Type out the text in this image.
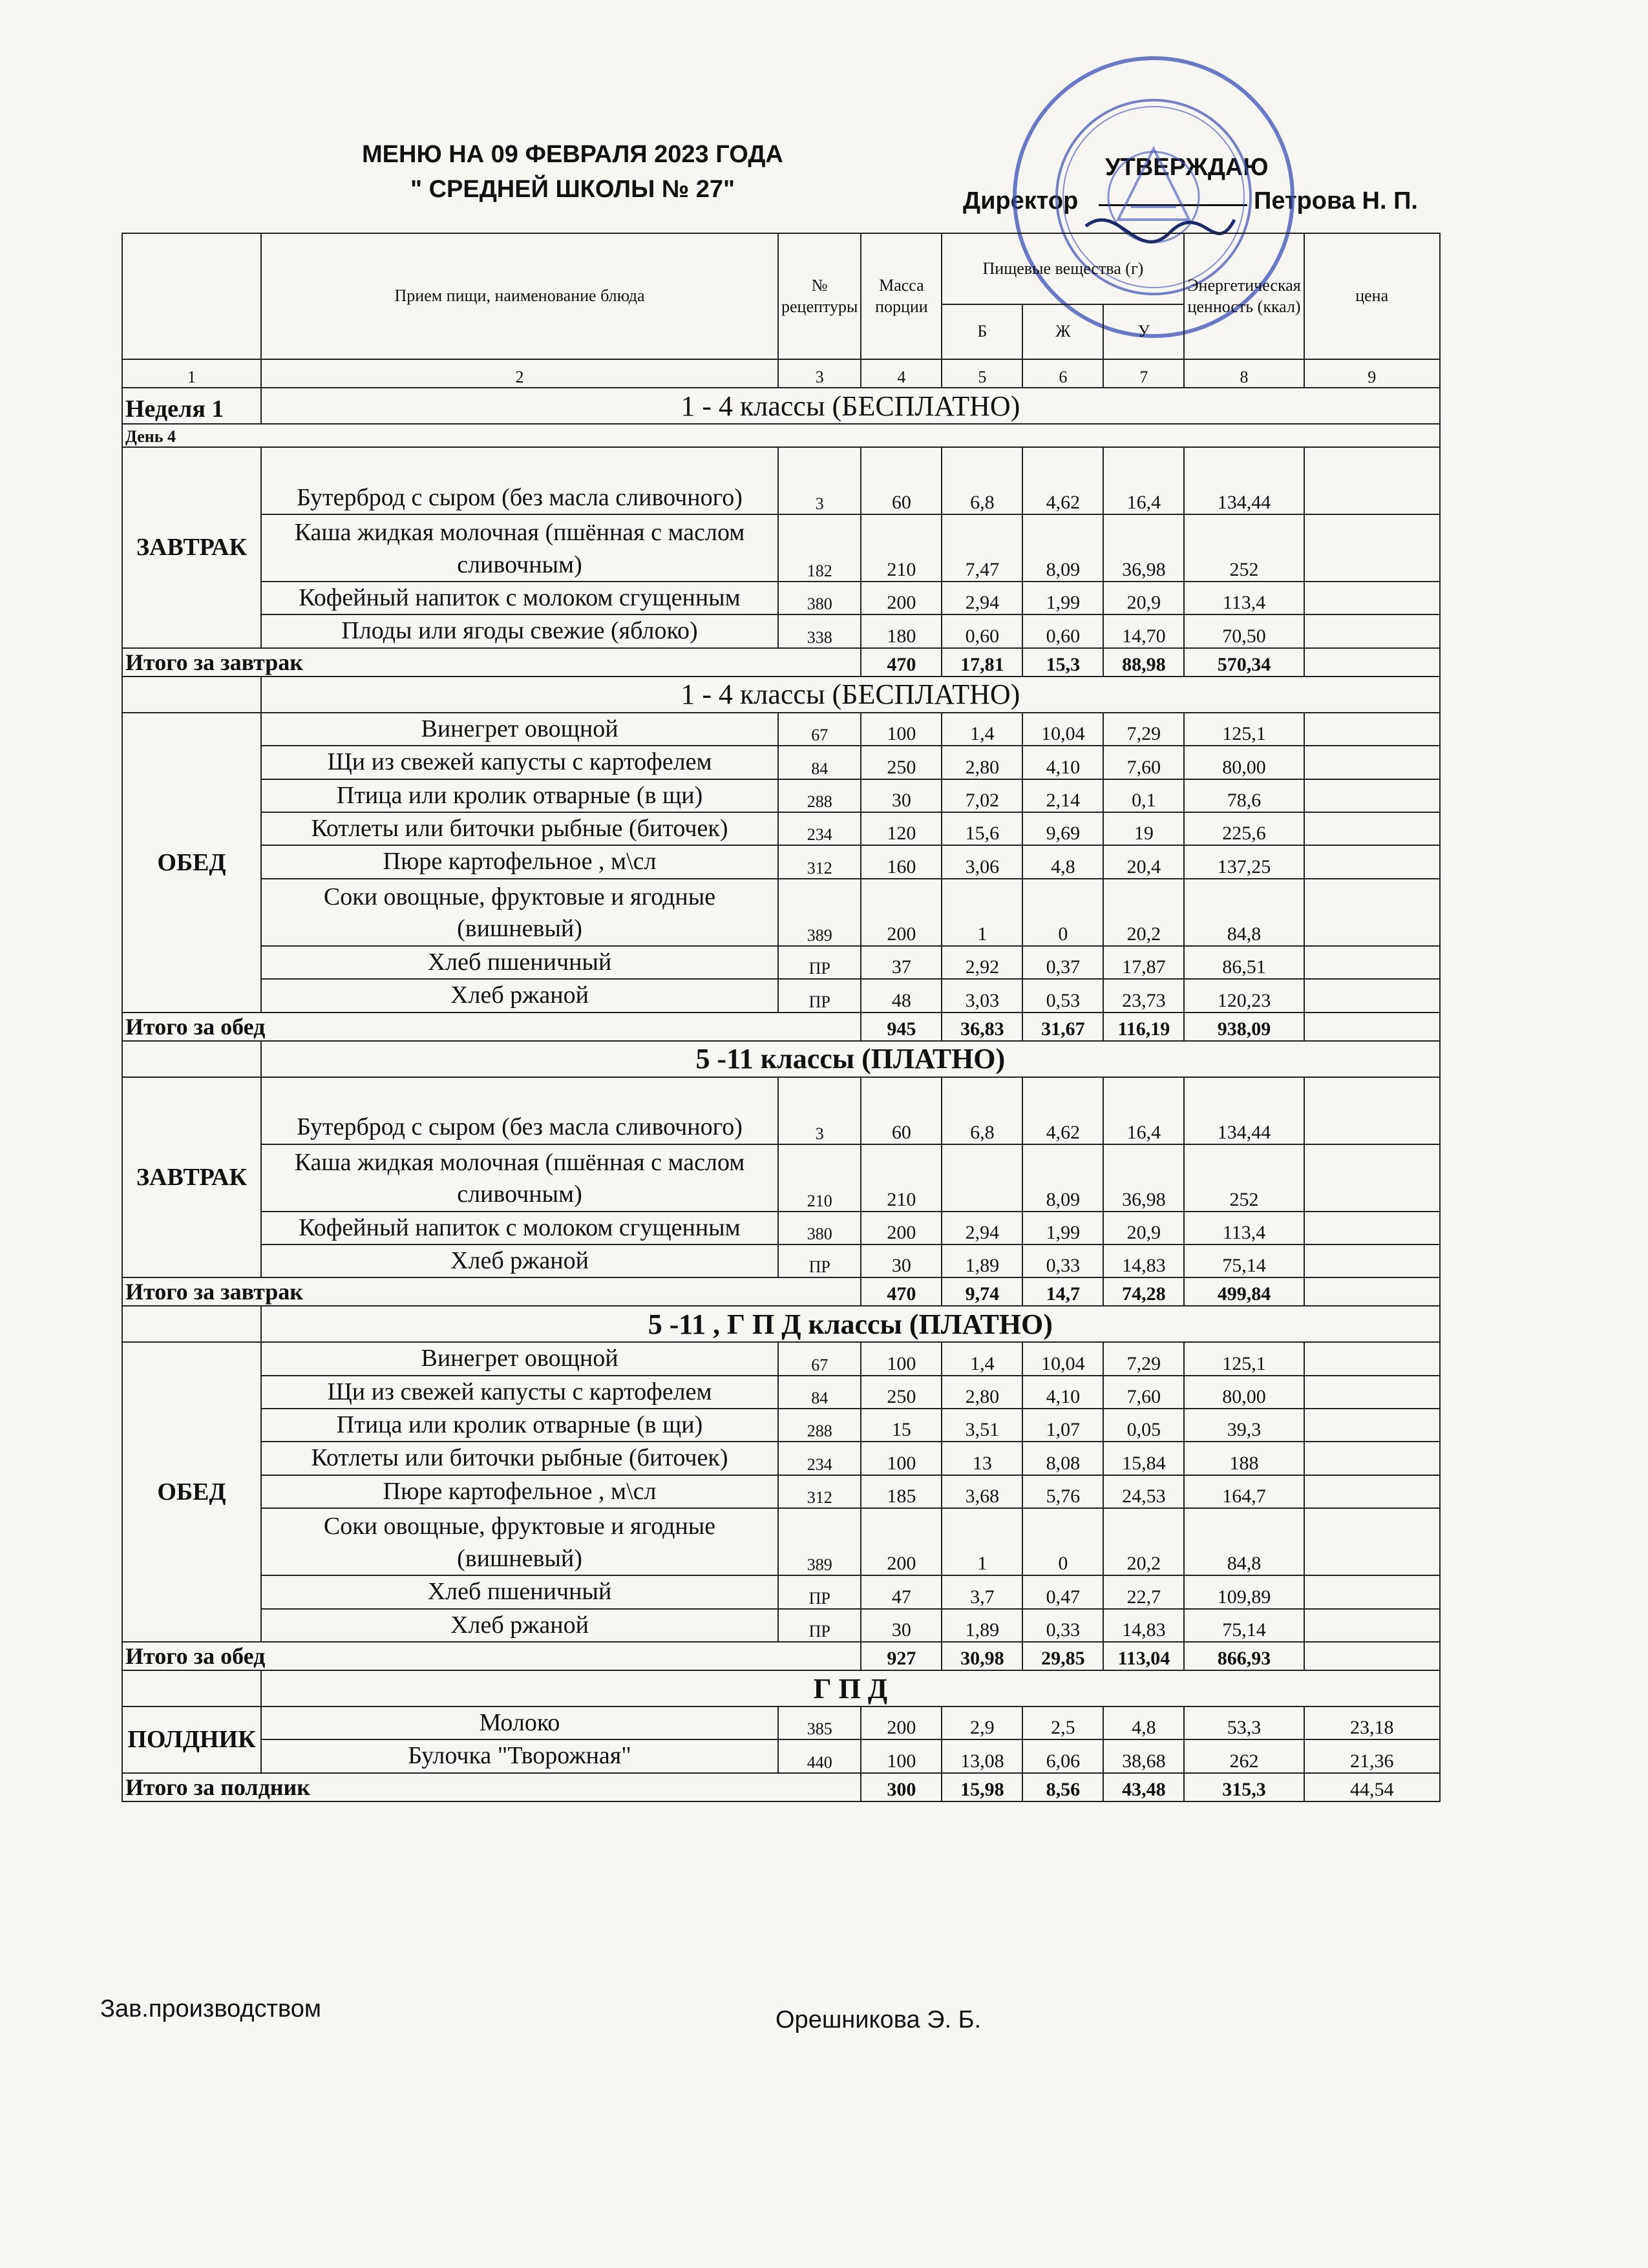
МЕНЮ НА 09 ФЕВРАЛЯ 2023 ГОДА
" СРЕДНЕЙ ШКОЛЫ № 27"
УТВЕРЖДАЮ
Директор	Петрова Н. П.
	Прием пищи, наименование блюда	№ рецептуры	Масса порции	Пищевые вещества (г)			Энергетическая ценность (ккал)	цена
				Б	Ж	У		
1	2	3	4	5	6	7	8	9
Неделя 1	1 - 4 классы (БЕСПЛАТНО)							
День 4								
ЗАВТРАК	Бутерброд с сыром (без масла сливочного)	3	60	6,8	4,62	16,4	134,44	
	Каша жидкая молочная (пшённая с маслом сливочным)	182	210	7,47	8,09	36,98	252	
	Кофейный напиток с молоком сгущенным	380	200	2,94	1,99	20,9	113,4	
	Плоды или ягоды свежие (яблоко)	338	180	0,60	0,60	14,70	70,50	
Итого за завтрак			470	17,81	15,3	88,98	570,34	
	1 - 4 классы (БЕСПЛАТНО)							
ОБЕД	Винегрет овощной	67	100	1,4	10,04	7,29	125,1	
	Щи из свежей капусты с картофелем	84	250	2,80	4,10	7,60	80,00	
	Птица или кролик отварные (в щи)	288	30	7,02	2,14	0,1	78,6	
	Котлеты или биточки рыбные (биточек)	234	120	15,6	9,69	19	225,6	
	Пюре картофельное , м\сл	312	160	3,06	4,8	20,4	137,25	
	Соки овощные, фруктовые и ягодные (вишневый)	389	200	1	0	20,2	84,8	
	Хлеб пшеничный	ПР	37	2,92	0,37	17,87	86,51	
	Хлеб ржаной	ПР	48	3,03	0,53	23,73	120,23	
Итого за обед			945	36,83	31,67	116,19	938,09	
	5 -11 классы (ПЛАТНО)							
ЗАВТРАК	Бутерброд с сыром (без масла сливочного)	3	60	6,8	4,62	16,4	134,44	
	Каша жидкая молочная (пшённая с маслом сливочным)	210	210		8,09	36,98	252	
	Кофейный напиток с молоком сгущенным	380	200	2,94	1,99	20,9	113,4	
	Хлеб ржаной	ПР	30	1,89	0,33	14,83	75,14	
Итого за завтрак			470	9,74	14,7	74,28	499,84	
	5 -11 , Г П Д классы (ПЛАТНО)							
ОБЕД	Винегрет овощной	67	100	1,4	10,04	7,29	125,1	
	Щи из свежей капусты с картофелем	84	250	2,80	4,10	7,60	80,00	
	Птица или кролик отварные (в щи)	288	15	3,51	1,07	0,05	39,3	
	Котлеты или биточки рыбные (биточек)	234	100	13	8,08	15,84	188	
	Пюре картофельное , м\сл	312	185	3,68	5,76	24,53	164,7	
	Соки овощные, фруктовые и ягодные (вишневый)	389	200	1	0	20,2	84,8	
	Хлеб пшеничный	ПР	47	3,7	0,47	22,7	109,89	
	Хлеб ржаной	ПР	30	1,89	0,33	14,83	75,14	
Итого за обед			927	30,98	29,85	113,04	866,93	
	Г П Д							
ПОЛДНИК	Молоко	385	200	2,9	2,5	4,8	53,3	23,18
	Булочка "Творожная"	440	100	13,08	6,06	38,68	262	21,36
Итого за полдник			300	15,98	8,56	43,48	315,3	44,54
Зав.производством	Орешникова Э. Б.
